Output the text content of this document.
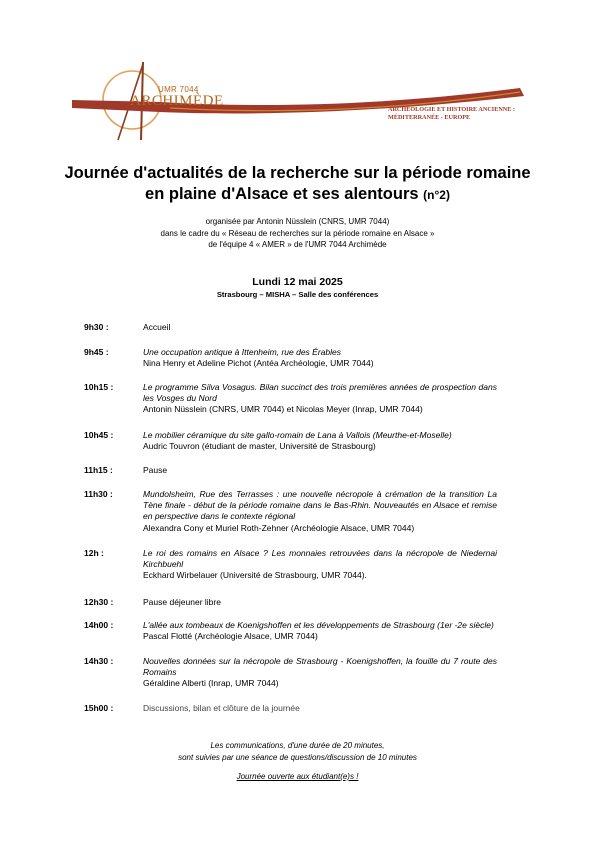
UMR 7044
ARCHIMÈDE
ARCHÉOLOGIE ET HISTOIRE ANCIENNE : MÉDITERRANÉE - EUROPE
Journée d'actualités de la recherche sur la période romaine
en plaine d'Alsace et ses alentours (n°2)
organisée par Antonin Nüsslein (CNRS, UMR 7044)
dans le cadre du « Réseau de recherches sur la période romaine en Alsace »
de l'équipe 4 « AMER » de l'UMR 7044 Archimède
Lundi 12 mai 2025
Strasbourg – MISHA – Salle des conférences
9h30 :	Accueil
9h45 :	Une occupation antique à Ittenheim, rue des Érables
Nina Henry et Adeline Pichot (Antéa Archéologie, UMR 7044)
10h15 :	Le programme Silva Vosagus. Bilan succinct des trois premières années de prospection dans les Vosges du Nord
Antonin Nüsslein (CNRS, UMR 7044) et Nicolas Meyer (Inrap, UMR 7044)
10h45 :	Le mobilier céramique du site gallo-romain de Lana à Vallois (Meurthe-et-Moselle)
Audric Touvron (étudiant de master, Université de Strasbourg)
11h15 :	Pause
11h30 :	Mundolsheim, Rue des Terrasses : une nouvelle nécropole à crémation de la transition La Tène finale - début de la période romaine dans le Bas-Rhin. Nouveautés en Alsace et remise en perspective dans le contexte régional
Alexandra Cony et Muriel Roth-Zehner (Archéologie Alsace, UMR 7044)
12h :	Le roi des romains en Alsace ? Les monnaies retrouvées dans la nécropole de Niedernai Kirchbuehl
Eckhard Wirbelauer (Université de Strasbourg, UMR 7044).
12h30 :	Pause déjeuner libre
14h00 :	L'allée aux tombeaux de Koenigshoffen et les développements de Strasbourg (1er -2e siècle)
Pascal Flotté (Archéologie Alsace, UMR 7044)
14h30 :	Nouvelles données sur la nécropole de Strasbourg - Koenigshoffen, la fouille du 7 route des Romains
Géraldine Alberti (Inrap, UMR 7044)
15h00 :	Discussions, bilan et clôture de la journée
Les communications, d'une durée de 20 minutes,
sont suivies par une séance de questions/discussion de 10 minutes
Journée ouverte aux étudiant(e)s !
